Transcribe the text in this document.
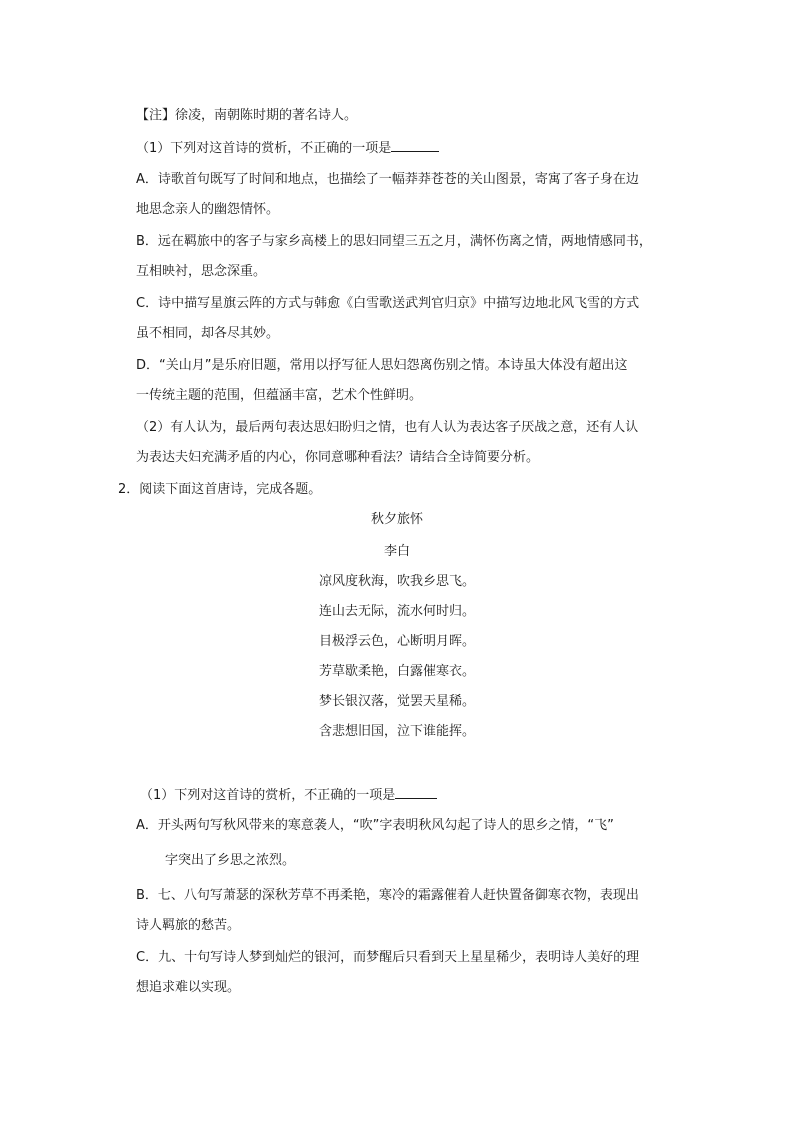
【注】徐凌，南朝陈时期的著名诗人。
（1）下列对这首诗的赏析，不正确的一项是
A．诗歌首句既写了时间和地点，也描绘了一幅莽莽苍苍的关山图景，寄寓了客子身在边
地思念亲人的幽怨情怀。
B．远在羁旅中的客子与家乡高楼上的思妇同望三五之月，满怀伤离之情，两地情感同书，
互相映衬，思念深重。
C．诗中描写星旗云阵的方式与韩愈《白雪歌送武判官归京》中描写边地北风飞雪的方式
虽不相同，却各尽其妙。
D．“关山月”是乐府旧题，常用以抒写征人思妇怨离伤别之情。本诗虽大体没有超出这
一传统主题的范围，但蕴涵丰富，艺术个性鲜明。
（2）有人认为，最后两句表达思妇盼归之情，也有人认为表达客子厌战之意，还有人认
为表达夫妇充满矛盾的内心，你同意哪种看法？请结合全诗简要分析。
2．阅读下面这首唐诗，完成各题。
秋夕旅怀
李白
凉风度秋海，吹我乡思飞。
连山去无际，流水何时归。
目极浮云色，心断明月晖。
芳草歇柔艳，白露催寒衣。
梦长银汉落，觉罢天星稀。
含悲想旧国，泣下谁能挥。
（1）下列对这首诗的赏析，不正确的一项是
A．开头两句写秋风带来的寒意袭人，“吹”字表明秋风勾起了诗人的思乡之情，“飞”
字突出了乡思之浓烈。
B．七、八句写萧瑟的深秋芳草不再柔艳，寒冷的霜露催着人赶快置备御寒衣物，表现出
诗人羁旅的愁苦。
C．九、十句写诗人梦到灿烂的银河，而梦醒后只看到天上星星稀少，表明诗人美好的理
想追求难以实现。
